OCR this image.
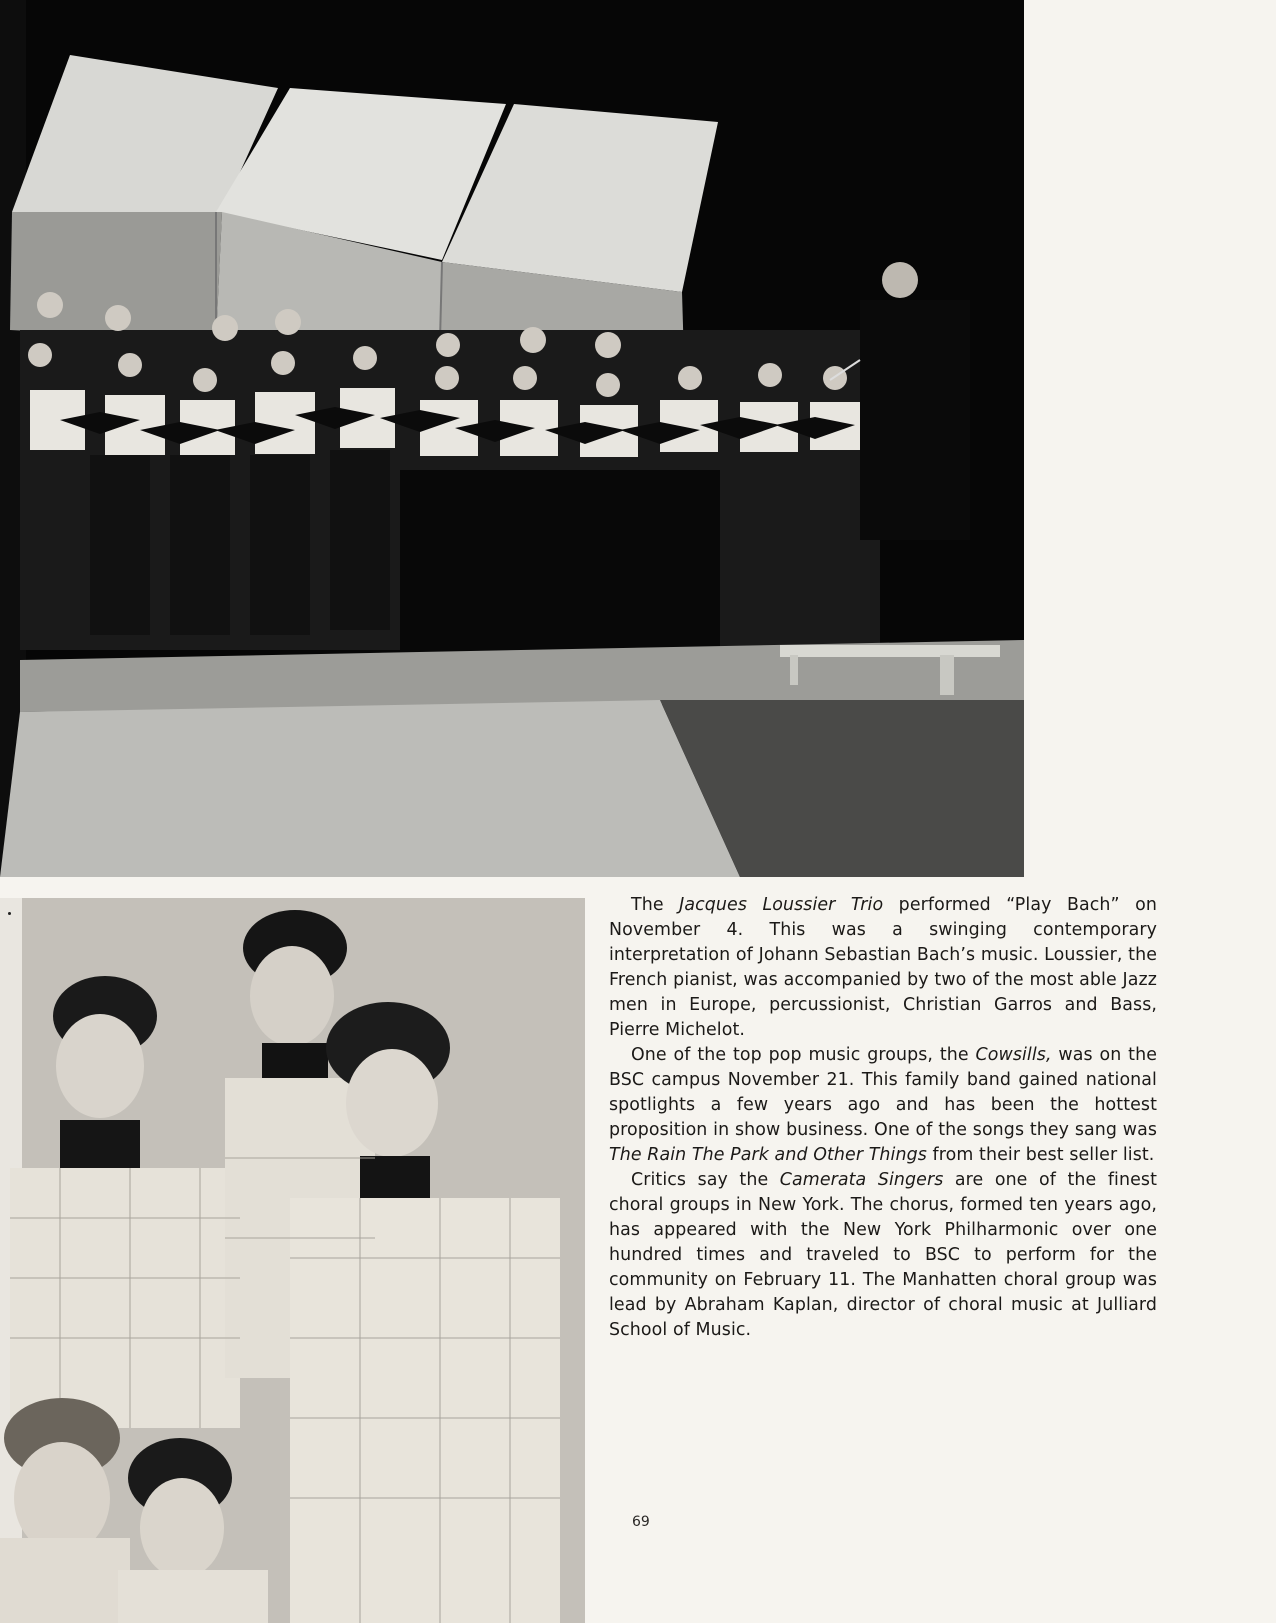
The Jacques Loussier Trio performed “Play Bach” on November 4. This was a swinging contemporary interpretation of Johann Sebastian Bach’s music. Loussier, the French pianist, was accompanied by two of the most able Jazz men in Europe, percussionist, Christian Garros and Bass, Pierre Michelot.

One of the top pop music groups, the Cowsills, was on the BSC campus November 21. This family band gained national spotlights a few years ago and has been the hottest proposition in show business. One of the songs they sang was The Rain The Park and Other Things from their best seller list.

Critics say the Camerata Singers are one of the finest choral groups in New York. The chorus, formed ten years ago, has appeared with the New York Philharmonic over one hundred times and traveled to BSC to perform for the community on February 11. The Manhatten choral group was lead by Abraham Kaplan, director of choral music at Julliard School of Music.

69
